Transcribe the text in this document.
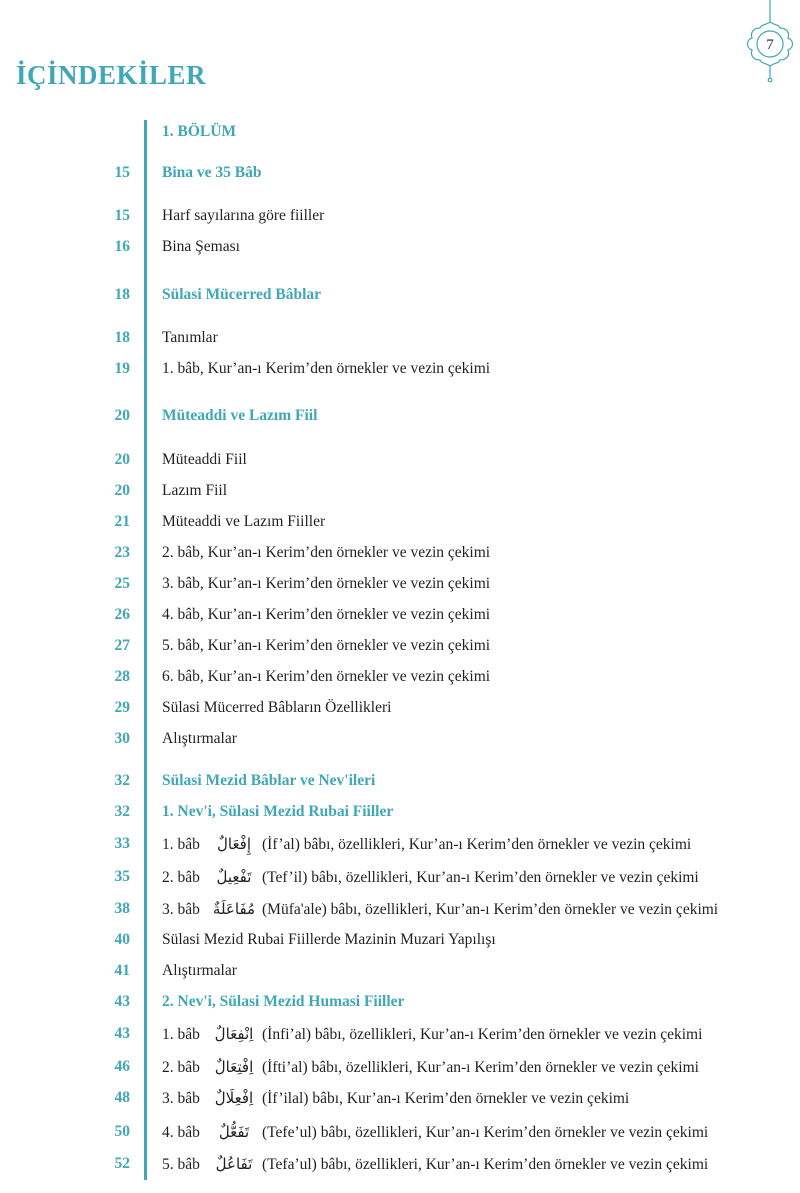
İÇİNDEKİLER
7
1. BÖLÜM
15 Bina ve 35 Bâb
15 Harf sayılarına göre fiiller
16 Bina Şeması
18 Sülasi Mücerred Bâblar
18 Tanımlar
19 1. bâb, Kur’an-ı Kerim’den örnekler ve vezin çekimi
20 Müteaddi ve Lazım Fiil
20 Müteaddi Fiil
20 Lazım Fiil
21 Müteaddi ve Lazım Fiiller
23 2. bâb, Kur’an-ı Kerim’den örnekler ve vezin çekimi
25 3. bâb, Kur’an-ı Kerim’den örnekler ve vezin çekimi
26 4. bâb, Kur’an-ı Kerim’den örnekler ve vezin çekimi
27 5. bâb, Kur’an-ı Kerim’den örnekler ve vezin çekimi
28 6. bâb, Kur’an-ı Kerim’den örnekler ve vezin çekimi
29 Sülasi Mücerred Bâbların Özellikleri
30 Alıştırmalar
32 Sülasi Mezid Bâblar ve Nev'ileri
32 1. Nev'i, Sülasi Mezid Rubai Fiiller
33 1. bâb إِفْعَالٌ (İf’al) bâbı, özellikleri, Kur’an-ı Kerim’den örnekler ve vezin çekimi
35 2. bâb تَفْعِيلٌ (Tef’il) bâbı, özellikleri, Kur’an-ı Kerim’den örnekler ve vezin çekimi
38 3. bâb مُفَاعَلَةٌ (Müfa'ale) bâbı, özellikleri, Kur’an-ı Kerim’den örnekler ve vezin çekimi
40 Sülasi Mezid Rubai Fiillerde Mazinin Muzari Yapılışı
41 Alıştırmalar
43 2. Nev'i, Sülasi Mezid Humasi Fiiller
43 1. bâb اِنْفِعَالٌ (İnfi’al) bâbı, özellikleri, Kur’an-ı Kerim’den örnekler ve vezin çekimi
46 2. bâb اِفْتِعَالٌ (İfti’al) bâbı, özellikleri, Kur’an-ı Kerim’den örnekler ve vezin çekimi
48 3. bâb اِفْعِلَالٌ (İf’ilal) bâbı, Kur’an-ı Kerim’den örnekler ve vezin çekimi
50 4. bâb تَفَعُّلٌ (Tefe’ul) bâbı, özellikleri, Kur’an-ı Kerim’den örnekler ve vezin çekimi
52 5. bâb تَفَاعُلٌ (Tefa’ul) bâbı, özellikleri, Kur’an-ı Kerim’den örnekler ve vezin çekimi
